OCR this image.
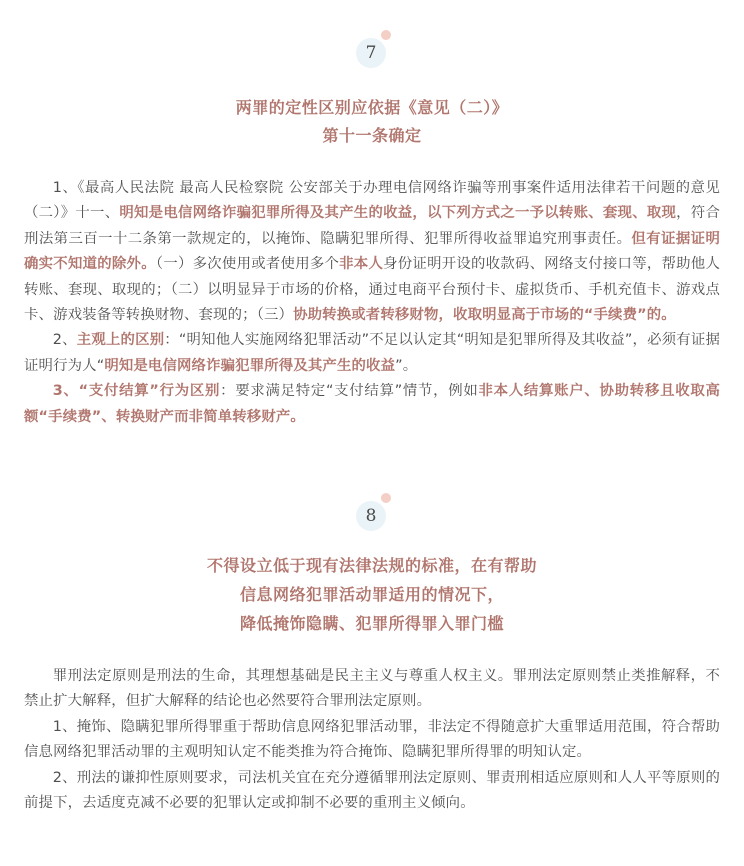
7
两罪的定性区别应依据《意见（二）》
第十一条确定

1、《最高人民法院 最高人民检察院 公安部关于办理电信网络诈骗等刑事案件适用法律若干问题的意见（二）》十一、明知是电信网络诈骗犯罪所得及其产生的收益，以下列方式之一予以转账、套现、取现，符合刑法第三百一十二条第一款规定的，以掩饰、隐瞒犯罪所得、犯罪所得收益罪追究刑事责任。但有证据证明确实不知道的除外。（一）多次使用或者使用多个非本人身份证明开设的收款码、网络支付接口等，帮助他人转账、套现、取现的；（二）以明显异于市场的价格，通过电商平台预付卡、虚拟货币、手机充值卡、游戏点卡、游戏装备等转换财物、套现的；（三）协助转换或者转移财物，收取明显高于市场的“手续费”的。

2、主观上的区别：“明知他人实施网络犯罪活动”不足以认定其“明知是犯罪所得及其收益”，必须有证据证明行为人“明知是电信网络诈骗犯罪所得及其产生的收益”。

3、“支付结算”行为区别：要求满足特定“支付结算”情节，例如非本人结算账户、协助转移且收取高额“手续费”、转换财产而非简单转移财产。

8
不得设立低于现有法律法规的标准，在有帮助
信息网络犯罪活动罪适用的情况下，
降低掩饰隐瞒、犯罪所得罪入罪门槛

罪刑法定原则是刑法的生命，其理想基础是民主主义与尊重人权主义。罪刑法定原则禁止类推解释，不禁止扩大解释，但扩大解释的结论也必然要符合罪刑法定原则。

1、掩饰、隐瞒犯罪所得罪重于帮助信息网络犯罪活动罪，非法定不得随意扩大重罪适用范围，符合帮助信息网络犯罪活动罪的主观明知认定不能类推为符合掩饰、隐瞒犯罪所得罪的明知认定。

2、刑法的谦抑性原则要求，司法机关宜在充分遵循罪刑法定原则、罪责刑相适应原则和人人平等原则的前提下，去适度克减不必要的犯罪认定或抑制不必要的重刑主义倾向。
